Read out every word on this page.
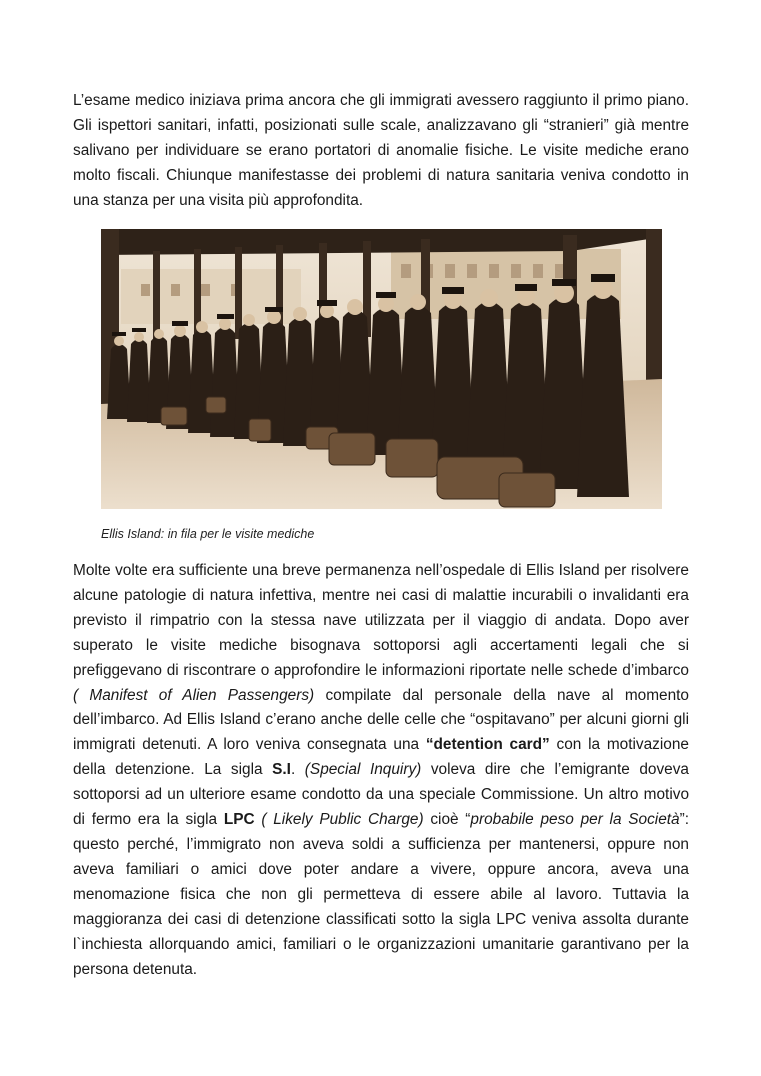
L’esame medico iniziava prima ancora che gli immigrati avessero raggiunto il primo piano. Gli ispettori sanitari, infatti, posizionati sulle scale, analizzavano gli “stranieri” già mentre salivano per individuare se erano portatori di anomalie fisiche. Le visite mediche erano molto fiscali. Chiunque manifestasse dei problemi di natura sanitaria veniva condotto in una stanza per una visita più approfondita.

Ellis Island: in fila per le visite mediche

Molte volte era sufficiente una breve permanenza nell’ospedale di Ellis Island per risolvere alcune patologie di natura infettiva, mentre nei casi di malattie incurabili o invalidanti era previsto il rimpatrio con la stessa nave utilizzata per il viaggio di andata. Dopo aver superato le visite mediche bisognava sottoporsi agli accertamenti legali che si prefiggevano di riscontrare o approfondire le informazioni riportate nelle schede d’imbarco ( Manifest of Alien Passengers) compilate dal personale della nave al momento dell’imbarco. Ad Ellis Island c’erano anche delle celle che “ospitavano” per alcuni giorni gli immigrati detenuti. A loro veniva consegnata una “detention card” con la motivazione della detenzione. La sigla S.I. (Special Inquiry) voleva dire che l’emigrante doveva sottoporsi ad un ulteriore esame condotto da una speciale Commissione. Un altro motivo di fermo era la sigla LPC ( Likely Public Charge) cioè “probabile peso per la Società”: questo perché, l’immigrato non aveva soldi a sufficienza per mantenersi, oppure non aveva familiari o amici dove poter andare a vivere, oppure ancora, aveva una menomazione fisica che non gli permetteva di essere abile al lavoro. Tuttavia la maggioranza dei casi di detenzione classificati sotto la sigla LPC veniva assolta durante l`inchiesta allorquando amici, familiari o le organizzazioni umanitarie garantivano per la persona detenuta.
